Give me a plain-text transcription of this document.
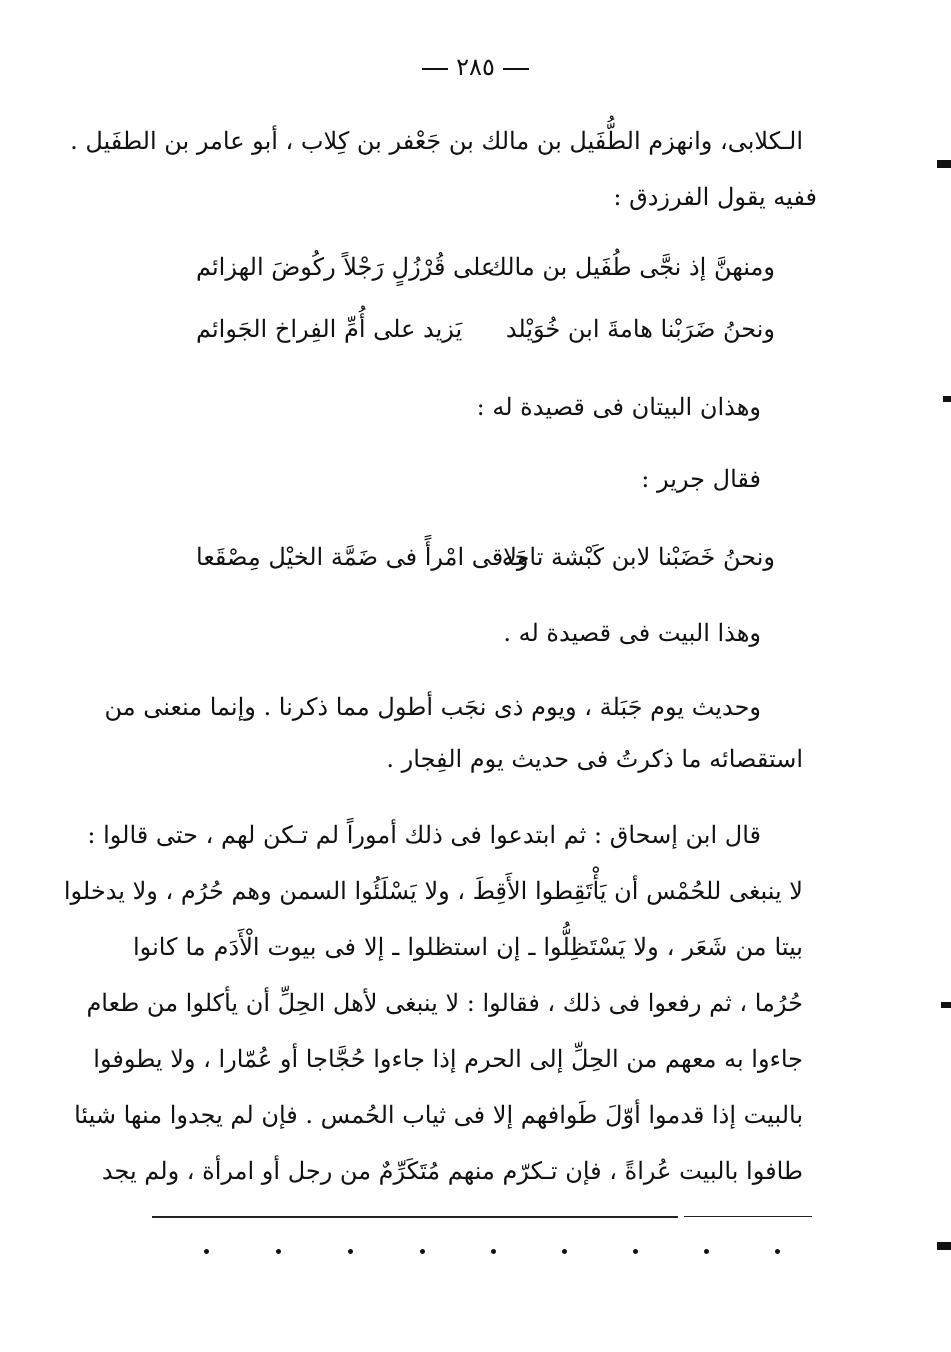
٢٨٥
الـكلابى، وانهزم الطُّفَيل بن مالك بن جَعْفر بن كِلاب ، أبو عامر بن الطفَيل .
ففيه يقول الفرزدق :
ومنهنَّ إذ نجَّى طُفَيل بن مالك
على قُرْزُلٍ رَجْلاً ركُوضَ الهزائم
ونحنُ ضَرَبْنا هامةَ ابن خُوَيْلد
يَزيد على أُمِّ الفِراخ الجَوائم
وهذان البيتان فى قصيدة له :
فقال جرير :
ونحنُ خَضَبْنا لابن كَبْشة تاجَه
ولاقى امْرأً فى ضَمَّة الخيْل مِصْقَعا
وهذا البيت فى قصيدة له .
وحديث يوم جَبَلة ، ويوم ذى نجَب أطول مما ذكرنا . وإنما منعنى من
استقصائه ما ذكرتُ فى حديث يوم الفِجار .
قال ابن إسحاق : ثم ابتدعوا فى ذلك أموراً لم تـكن لهم ، حتى قالوا :
لا ينبغى للحُمْس أن يَأْتَقِطوا الأَقِطَ ، ولا يَسْلَئُوا السمن وهم حُرُم ، ولا يدخلوا
بيتا من شَعَر ، ولا يَسْتَظِلُّوا ـ إن استظلوا ـ إلا فى بيوت الْأَدَم ما كانوا
حُرُما ، ثم رفعوا فى ذلك ، فقالوا : لا ينبغى لأهل الحِلِّ أن يأكلوا من طعام
جاءوا به معهم من الحِلِّ إلى الحرم إذا جاءوا حُجَّاجا أو عُمّارا ، ولا يطوفوا
بالبيت إذا قدموا أوّلَ طَوافهم إلا فى ثياب الحُمس . فإن لم يجدوا منها شيئا
طافوا بالبيت عُراةً ، فإن تـكرّم منهم مُتَكَرِّمٌ من رجل أو امرأة ، ولم يجد
